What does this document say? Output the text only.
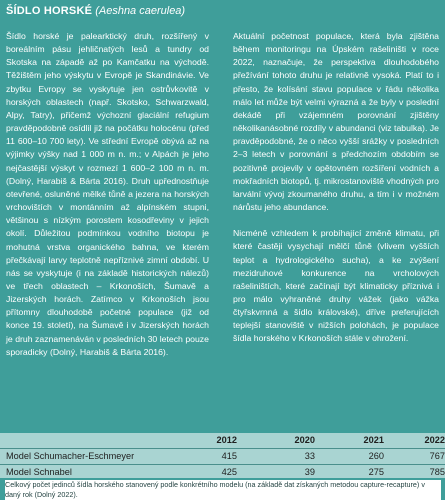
ŠÍDLO HORSKÉ (Aeshna caerulea)

Šídlo horské je palearktický druh, rozšířený v boreálním pásu jehličnatých lesů a tundry od Skotska na západě až po Kamčatku na východě. Těžištěm jeho výskytu v Evropě je Skandinávie. Ve zbytku Evropy se vyskytuje jen ostrůvkovitě v horských oblastech (např. Skotsko, Schwarzwald, Alpy, Tatry), přičemž výchozní glaciální refugium pravděpodobně osídlil již na počátku holocénu (před 11 600–10 700 lety). Ve střední Evropě obývá až na výjimky výšky nad 1 000 m n. m.; v Alpách je jeho nejčastější výskyt v rozmezí 1 600–2 100 m n. m. (Dolný, Harabiš & Bárta 2016). Druh upřednostňuje otevřené, osluněné mělké tůně a jezera na horských vrchovištích v montánním až alpínském stupni, většinou s nízkým porostem kosodřeviny v jejich okolí. Důležitou podmínkou vodního biotopu je mohutná vrstva organického bahna, ve kterém přečkávají larvy teplotně nepříznivé zimní období. U nás se vyskytuje (i na základě historických nálezů) ve třech oblastech – Krkonoších, Šumavě a Jizerských horách. Zatímco v Krkonoších jsou přítomny dlouhodobě početné populace (již od konce 19. století), na Šumavě i v Jizerských horách je druh zaznamenáván v posledních 30 letech pouze sporadicky (Dolný, Harabiš & Bárta 2016).

Aktuální početnost populace, která byla zjištěna během monitoringu na Úpském rašeliništi v roce 2022, naznačuje, že perspektiva dlouhodobého přežívání tohoto druhu je relativně vysoká. Platí to i přesto, že kolísání stavu populace v řádu několika málo let může být velmi výrazná a že byly v poslední dekádě při vzájemném porovnání zjištěny několikanásobné rozdíly v abundanci (viz tabulka). Je pravděpodobné, že o něco vyšší srážky v posledních 2–3 letech v porovnání s předchozím obdobím se pozitivně projevily v opětovném rozšíření vodních a mokřadních biotopů, tj. mikrostanoviště vhodných pro larvální vývoj zkoumaného druhu, a tím i v možném nárůstu jeho abundance.

Nicméně vzhledem k probíhající změně klimatu, při které častěji vysychají mělčí tůně (vlivem vyšších teplot a hydrologického sucha), a ke zvýšení mezidruhové konkurence na vrcholových rašeliništích, které začínají být klimaticky příznivá i pro málo vyhraněné druhy vážek (jako vážka čtyřskvrnná a šídlo královské), dříve preferujících teplejší stanoviště v nižších polohách, je populace šídla horského v Krkonoších stále v ohrožení.

	2012	2020	2021	2022
Model Schumacher-Eschmeyer	415	33	260	767
Model Schnabel	425	39	275	785
Celkový počet jedinců šídla horského stanovený podle konkrétního modelu (na základě dat získaných metodou capture-recapture) v daný rok (Dolný 2022).
